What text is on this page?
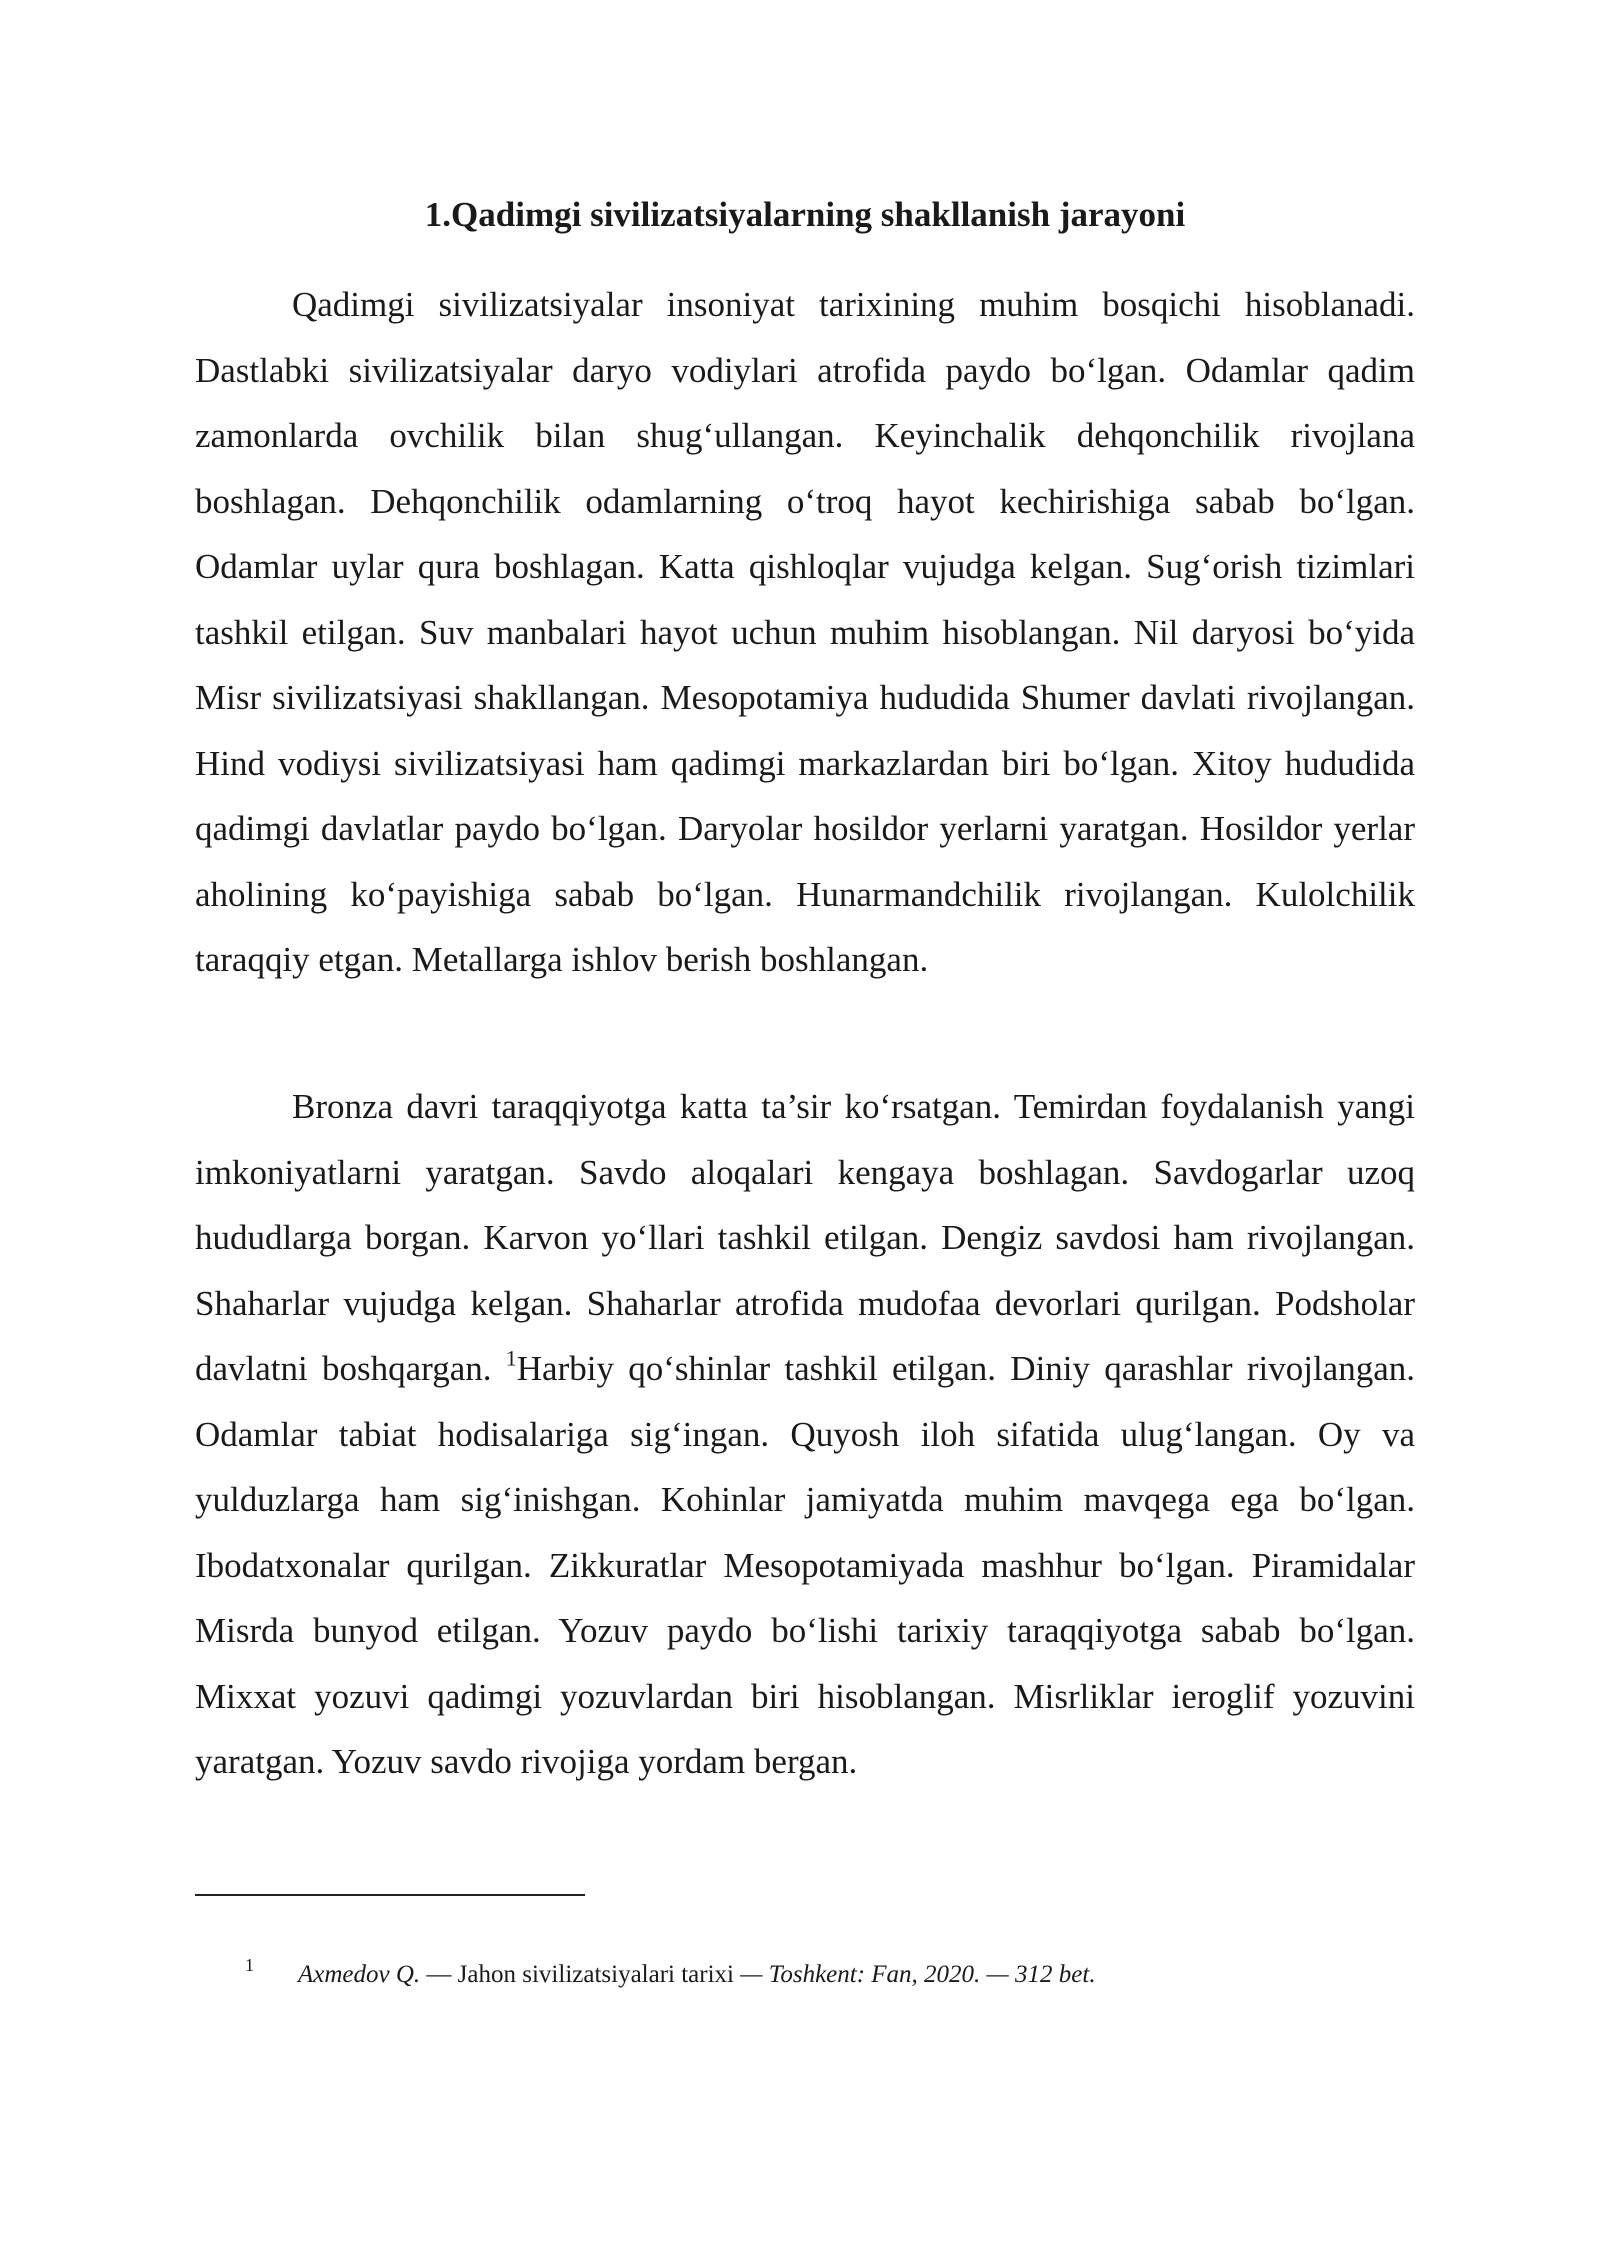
1.Qadimgi sivilizatsiyalarning shakllanish jarayoni

Qadimgi sivilizatsiyalar insoniyat tarixining muhim bosqichi hisoblanadi. Dastlabki sivilizatsiyalar daryo vodiylari atrofida paydo bo‘lgan. Odamlar qadim zamonlarda ovchilik bilan shug‘ullangan. Keyinchalik dehqonchilik rivojlana boshlagan. Dehqonchilik odamlarning o‘troq hayot kechirishiga sabab bo‘lgan. Odamlar uylar qura boshlagan. Katta qishloqlar vujudga kelgan. Sug‘orish tizimlari tashkil etilgan. Suv manbalari hayot uchun muhim hisoblangan. Nil daryosi bo‘yida Misr sivilizatsiyasi shakllangan. Mesopotamiya hududida Shumer davlati rivojlangan. Hind vodiysi sivilizatsiyasi ham qadimgi markazlardan biri bo‘lgan. Xitoy hududida qadimgi davlatlar paydo bo‘lgan. Daryolar hosildor yerlarni yaratgan. Hosildor yerlar aholining ko‘payishiga sabab bo‘lgan. Hunarmandchilik rivojlangan. Kulolchilik taraqqiy etgan. Metallarga ishlov berish boshlangan.

Bronza davri taraqqiyotga katta ta’sir ko‘rsatgan. Temirdan foydalanish yangi imkoniyatlarni yaratgan. Savdo aloqalari kengaya boshlagan. Savdogarlar uzoq hududlarga borgan. Karvon yo‘llari tashkil etilgan. Dengiz savdosi ham rivojlangan. Shaharlar vujudga kelgan. Shaharlar atrofida mudofaa devorlari qurilgan. Podsholar davlatni boshqargan. $^1$Harbiy qo‘shinlar tashkil etilgan. Diniy qarashlar rivojlangan. Odamlar tabiat hodisalariga sig‘ingan. Quyosh iloh sifatida ulug‘langan. Oy va yulduzlarga ham sig‘inishgan. Kohinlar jamiyatda muhim mavqega ega bo‘lgan. Ibodatxonalar qurilgan. Zikkuratlar Mesopotamiyada mashhur bo‘lgan. Piramidalar Misrda bunyod etilgan. Yozuv paydo bo‘lishi tarixiy taraqqiyotga sabab bo‘lgan. Mixxat yozuvi qadimgi yozuvlardan biri hisoblangan. Misrliklar ieroglif yozuvini yaratgan. Yozuv savdo rivojiga yordam bergan.

1 Axmedov Q. — Jahon sivilizatsiyalari tarixi — Toshkent: Fan, 2020. — 312 bet.
